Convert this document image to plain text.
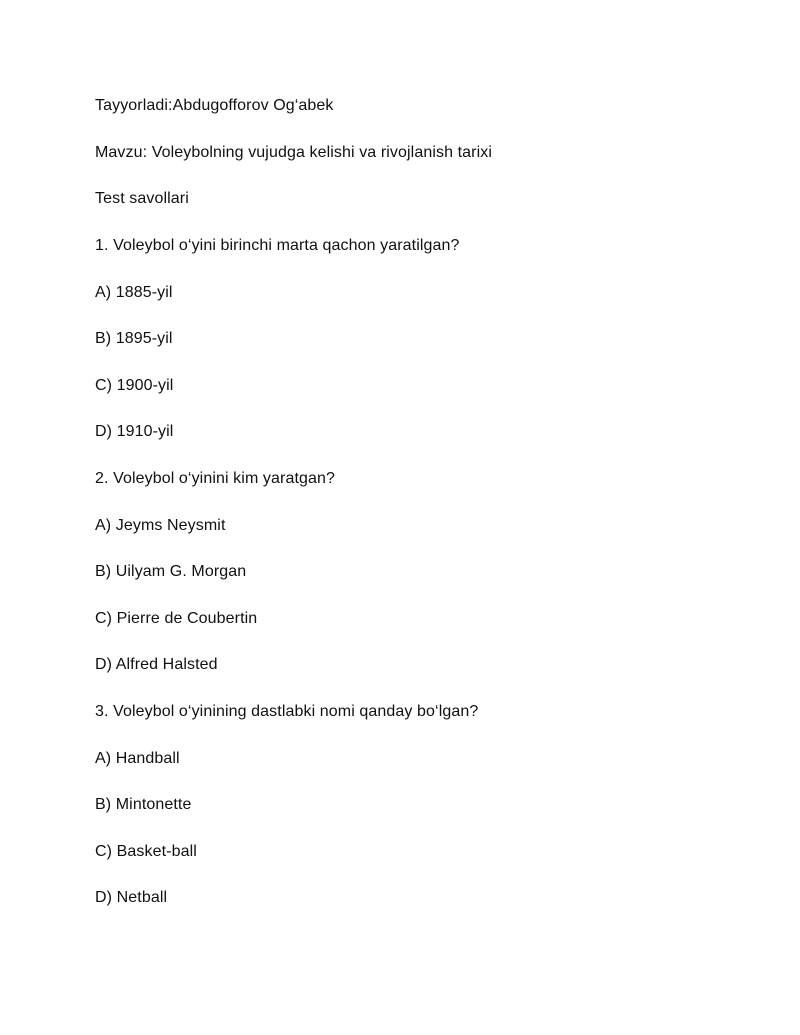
Tayyorladi:Abdugofforov Og‘abek
Mavzu: Voleybolning vujudga kelishi va rivojlanish tarixi
Test savollari
1. Voleybol o‘yini birinchi marta qachon yaratilgan?
A) 1885-yil
B) 1895-yil
C) 1900-yil
D) 1910-yil
2. Voleybol o‘yinini kim yaratgan?
A) Jeyms Neysmit
B) Uilyam G. Morgan
C) Pierre de Coubertin
D) Alfred Halsted
3. Voleybol o‘yinining dastlabki nomi qanday bo‘lgan?
A) Handball
B) Mintonette
C) Basket-ball
D) Netball
